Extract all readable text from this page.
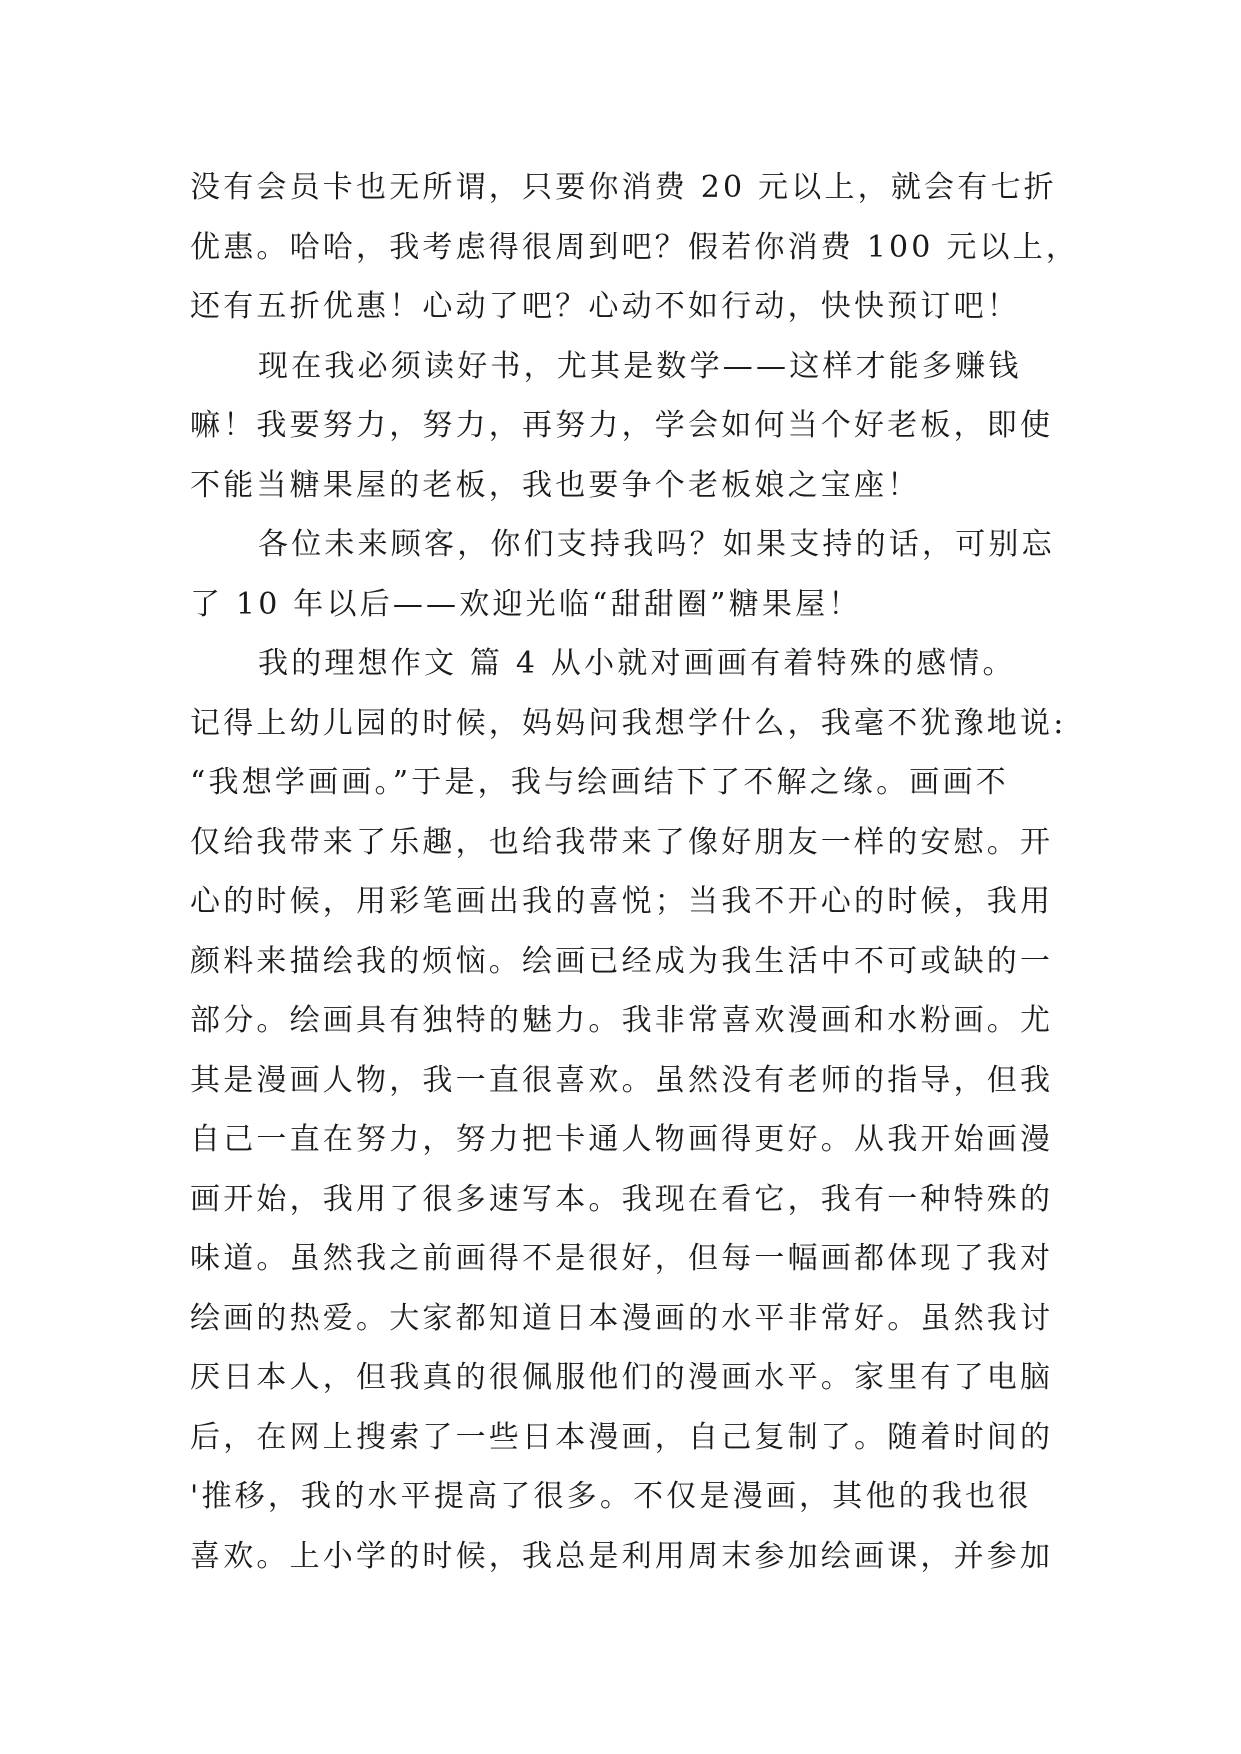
没有会员卡也无所谓，只要你消费 20 元以上，就会有七折
优惠。哈哈，我考虑得很周到吧？假若你消费 100 元以上，
还有五折优惠！心动了吧？心动不如行动，快快预订吧！
现在我必须读好书，尤其是数学——这样才能多赚钱
嘛！我要努力，努力，再努力，学会如何当个好老板，即使
不能当糖果屋的老板，我也要争个老板娘之宝座！
各位未来顾客，你们支持我吗？如果支持的话，可别忘
了 10 年以后——欢迎光临“甜甜圈”糖果屋！
我的理想作文 篇 4 从小就对画画有着特殊的感情。
记得上幼儿园的时候，妈妈问我想学什么，我毫不犹豫地说:
“我想学画画。”于是，我与绘画结下了不解之缘。画画不
仅给我带来了乐趣，也给我带来了像好朋友一样的安慰。开
心的时候，用彩笔画出我的喜悦；当我不开心的时候，我用
颜料来描绘我的烦恼。绘画已经成为我生活中不可或缺的一
部分。绘画具有独特的魅力。我非常喜欢漫画和水粉画。尤
其是漫画人物，我一直很喜欢。虽然没有老师的指导，但我
自己一直在努力，努力把卡通人物画得更好。从我开始画漫
画开始，我用了很多速写本。我现在看它，我有一种特殊的
味道。虽然我之前画得不是很好，但每一幅画都体现了我对
绘画的热爱。大家都知道日本漫画的水平非常好。虽然我讨
厌日本人，但我真的很佩服他们的漫画水平。家里有了电脑
后，在网上搜索了一些日本漫画，自己复制了。随着时间的
'推移，我的水平提高了很多。不仅是漫画，其他的我也很
喜欢。上小学的时候，我总是利用周末参加绘画课，并参加
